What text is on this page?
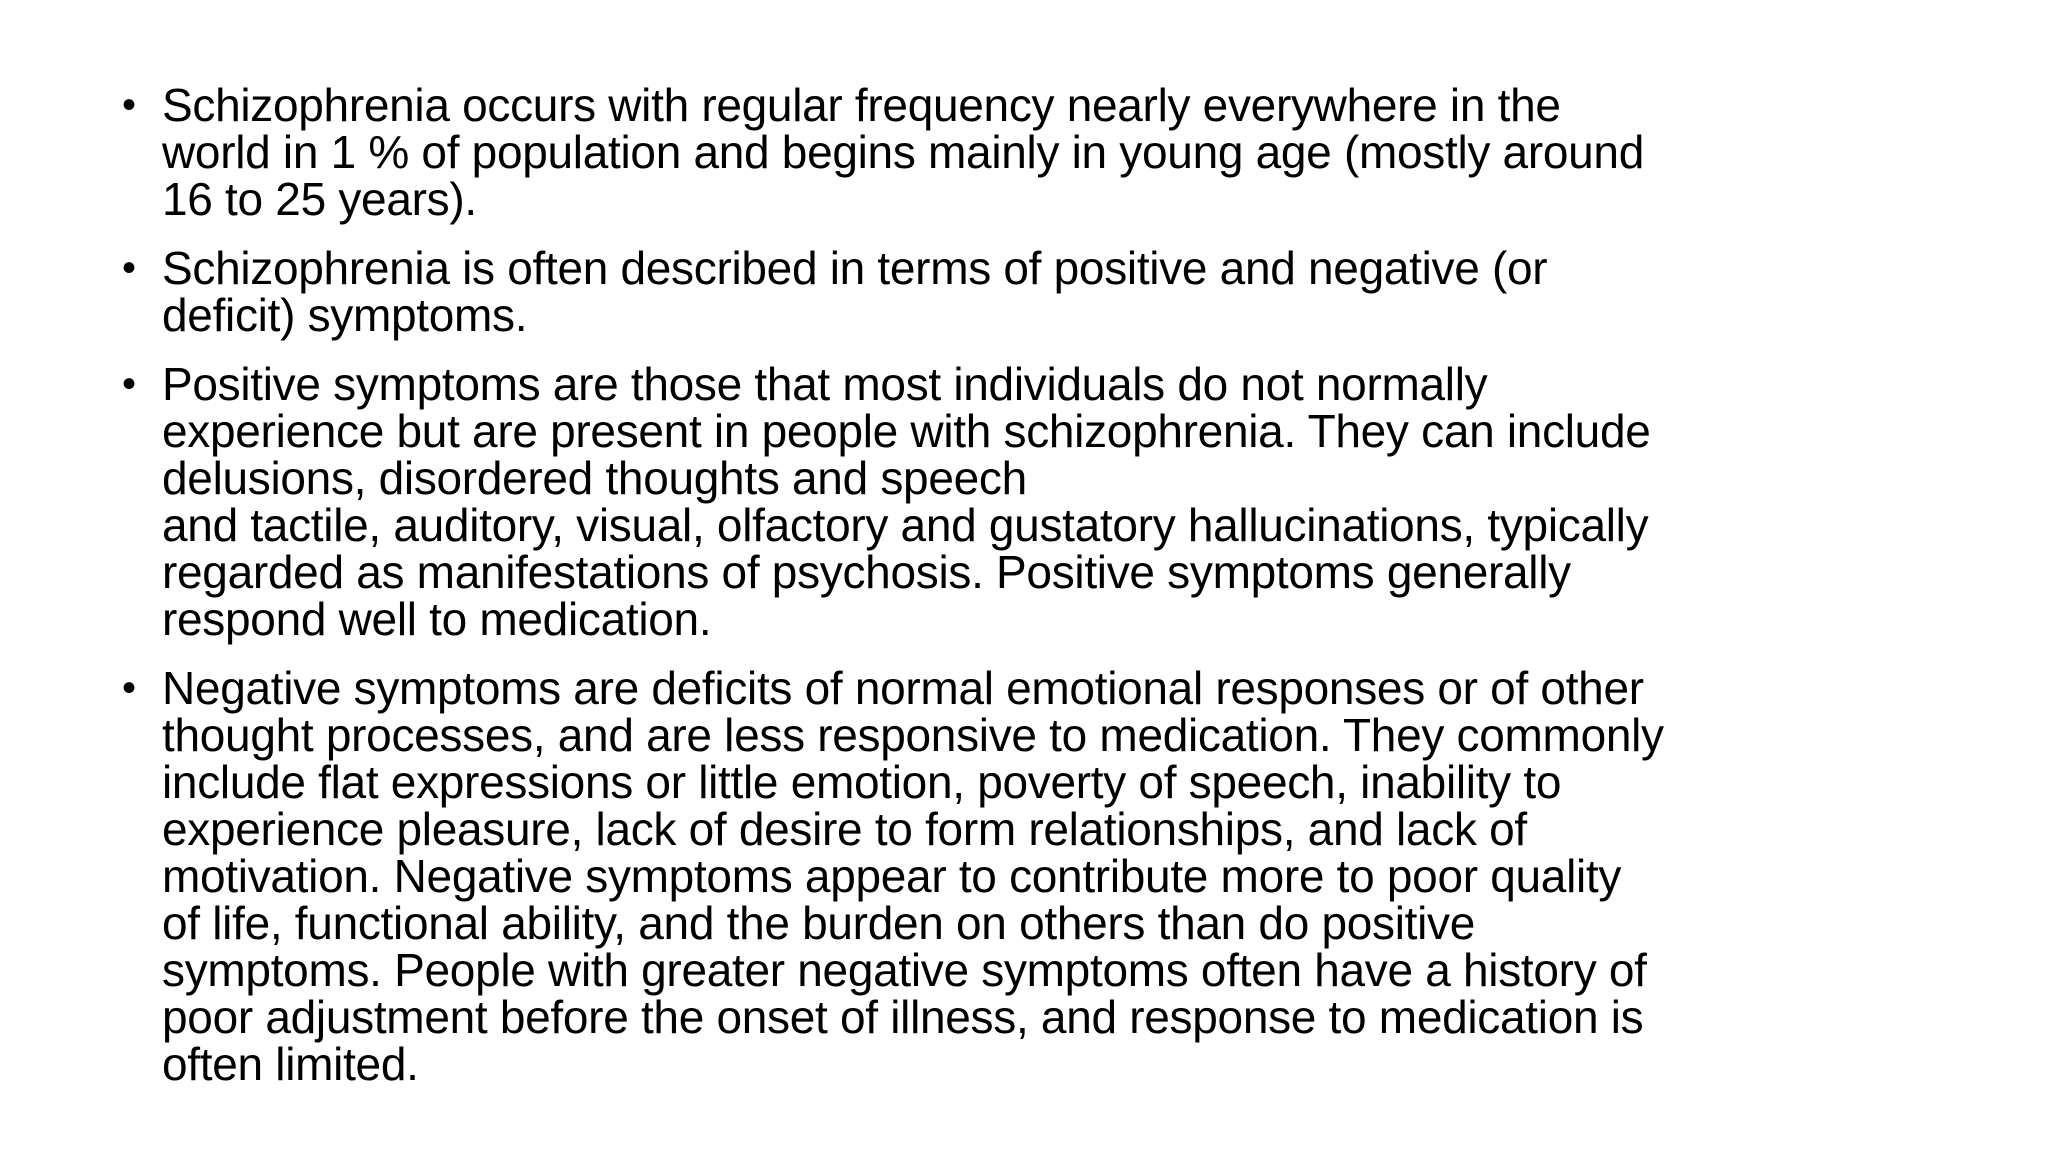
• Schizophrenia occurs with regular frequency nearly everywhere in the
world in 1 % of population and begins mainly in young age (mostly around
16 to 25 years).
• Schizophrenia is often described in terms of positive and negative (or
deficit) symptoms.
• Positive symptoms are those that most individuals do not normally
experience but are present in people with schizophrenia. They can include
delusions, disordered thoughts and speech
and tactile, auditory, visual, olfactory and gustatory hallucinations, typically
regarded as manifestations of psychosis. Positive symptoms generally
respond well to medication.
• Negative symptoms are deficits of normal emotional responses or of other
thought processes, and are less responsive to medication. They commonly
include flat expressions or little emotion, poverty of speech, inability to
experience pleasure, lack of desire to form relationships, and lack of
motivation. Negative symptoms appear to contribute more to poor quality
of life, functional ability, and the burden on others than do positive
symptoms. People with greater negative symptoms often have a history of
poor adjustment before the onset of illness, and response to medication is
often limited.
